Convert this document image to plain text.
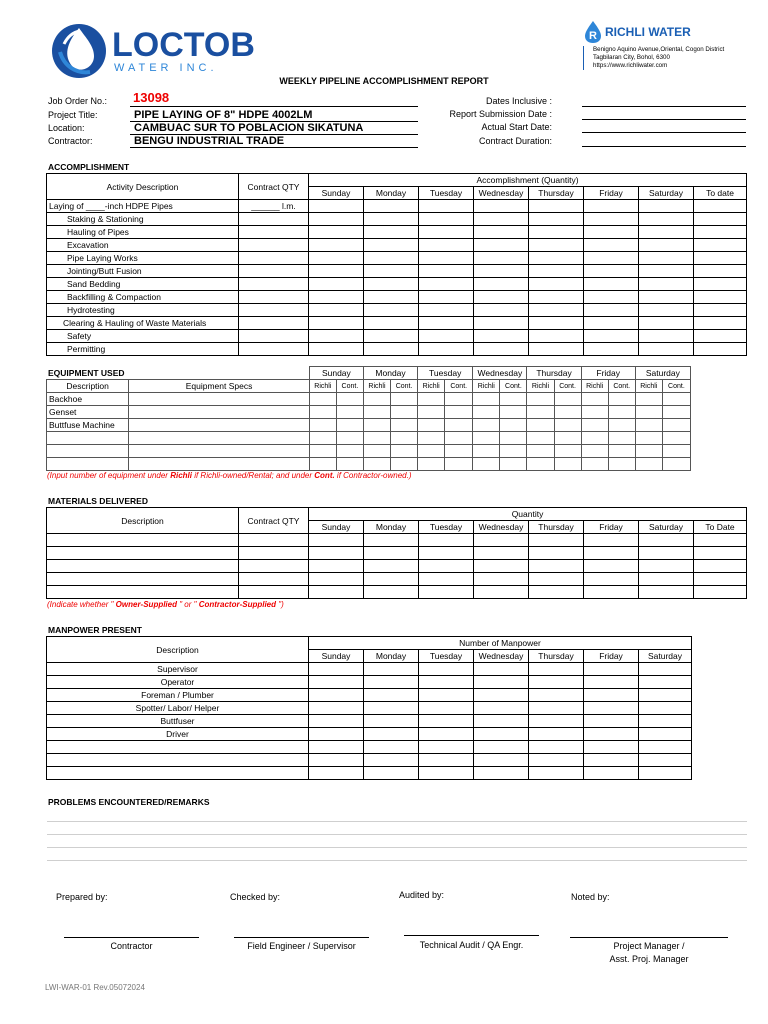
LOCTOB
WATER INC.
R RICHLI WATER
Benigno Aquino Avenue,Oriental, Cogon District
Tagbilaran City, Bohol, 6300
https://www.richliwater.com
WEEKLY PIPELINE ACCOMPLISHMENT REPORT
Job Order No.: 13098
Project Title:	PIPE LAYING OF 8" HDPE 4002LM
Location:	CAMBUAC SUR TO POBLACION SIKATUNA
Contractor:	BENGU INDUSTRIAL TRADE
Dates Inclusive :
Report Submission Date :
Actual Start Date:
Contract Duration:
ACCOMPLISHMENT
Activity Description	Contract QTY	Accomplishment (Quantity)							
		Sunday	Monday	Tuesday	Wednesday	Thursday	Friday	Saturday	To date
Laying of ____-inch HDPE Pipes	______ l.m.								
Staking & Stationing									
Hauling of Pipes									
Excavation									
Pipe Laying Works									
Jointing/Butt Fusion									
Sand Bedding									
Backfilling & Compaction									
Hydrotesting									
Clearing & Hauling of Waste Materials									
Safety									
Permitting									
EQUIPMENT USED
			Sunday		Monday		Tuesday		Wednesday		Thursday		Friday		Saturday	
Description	Equipment Specs	Richli	Cont.	Richli	Cont.	Richli	Cont.	Richli	Cont.	Richli	Cont.	Richli	Cont.	Richli	Cont.
Backhoe															
Genset															
Buttfuse Machine															

(Input number of equipment under Richli if Richli-owned/Rental; and under Cont. if Contractor-owned.)
MATERIALS DELIVERED
Description	Contract QTY	Quantity							
		Sunday	Monday	Tuesday	Wednesday	Thursday	Friday	Saturday	To Date

(Indicate whether " Owner-Supplied " or " Contractor-Supplied ")
MANPOWER PRESENT
Description	Number of Manpower						
	Sunday	Monday	Tuesday	Wednesday	Thursday	Friday	Saturday
Supervisor							
Operator							
Foreman / Plumber							
Spotter/ Labor/ Helper							
Buttfuser							
Driver							

PROBLEMS ENCOUNTERED/REMARKS
Prepared by:	Checked by:	Audited by:	Noted by:
Contractor	Field Engineer / Supervisor	Technical Audit / QA Engr.	Project Manager /
Asst. Proj. Manager
LWI-WAR-01 Rev.05072024
